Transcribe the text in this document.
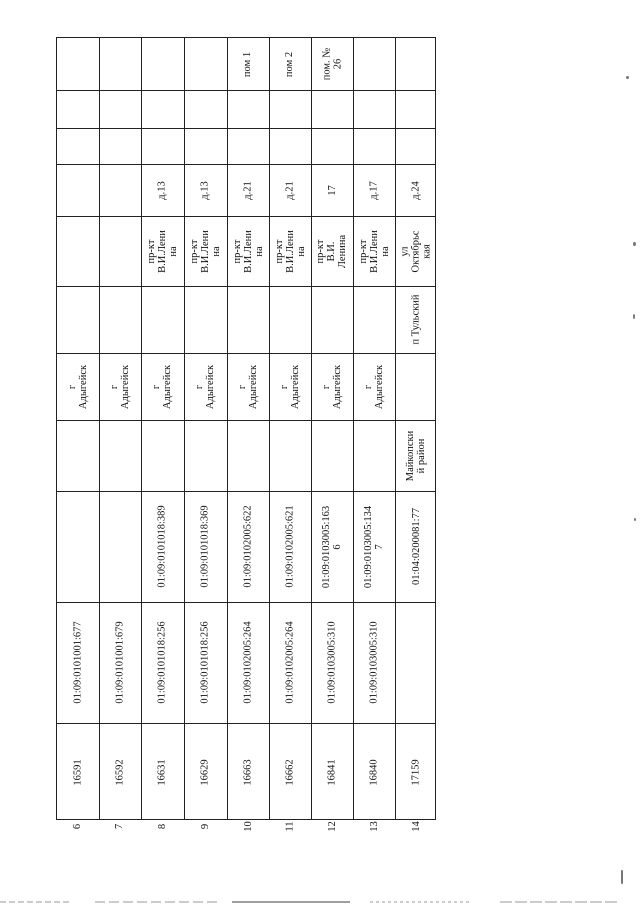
г Адыгейск
01:09:0101001:677
16591
6
г Адыгейск
01:09:0101001:679
16592
7
д.13
пр-кт В.И.Лени на
г Адыгейск
01:09:0101018:389
01:09:0101018:256
16631
8
д.13
пр-кт В.И.Лени на
г Адыгейск
01:09:0101018:369
01:09:0101018:256
16629
9
пом 1
д.21
пр-кт В.И.Лени на
г Адыгейск
01:09:0102005:622
01:09:0102005:264
16663
10
пом 2
д.21
пр-кт В.И.Лени на
г Адыгейск
01:09:0102005:621
01:09:0102005:264
16662
11
пом. № 26
17
пр-кт В.И. Ленина
г Адыгейск
01:09:0103005:163 6
01:09:0103005:310
16841
12
д.17
пр-кт В.И.Лени на
г Адыгейск
01:09:0103005:134 7
01:09:0103005:310
16840
13
д.24
ул Октябрьс кая
п Тульский
Майкопски й район
01:04:0200081:77
17159
14
